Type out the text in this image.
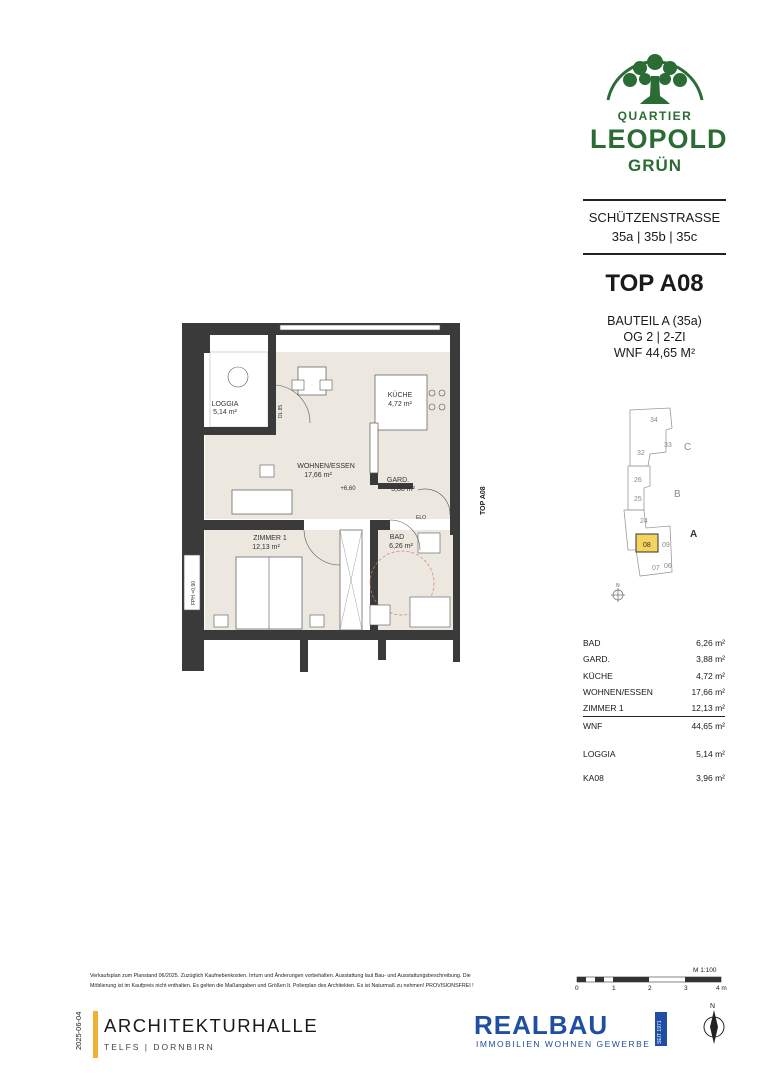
QUARTIER
LEOPOLD
GRÜN
SCHÜTZENSTRASSE
35a | 35b | 35c
TOP A08
BAUTEIL A (35a)
OG 2 | 2-ZI
WNF 44,65 M²
34
33
32
C
26
25	B
24
A
08 09
07 06
N
BAD	6,26 m²
GARD.	3,88 m²
KÜCHE	4,72 m²
WOHNEN/ESSEN	17,66 m²
ZIMMER 1	12,13 m²
WNF	44,65 m²
LOGGIA	5,14 m²
KA08	3,96 m²
LOGGIA
5,14 m²
KÜCHE
4,72 m²
WOHNEN/ESSEN
17,66 m²
GARD.
3,88 m²
ZIMMER 1
12,13 m²
BAD
6,26 m²
+6,60
ELO
DL 85
FPH =0,90
TOP A08
Verkaufsplan zum Planstand 06/2025. Zuzüglich Kaufnebenkosten. Irrtum und Änderungen vorbehalten. Ausstattung laut Bau- und Ausstattungsbeschreibung. Die
Möblierung ist im Kaufpreis nicht enthalten. Es gelten die Maßangaben und Größen lt. Polierplan des Architekten. Es ist Naturmaß zu nehmen! PROVISIONSFREI !
M 1:100
0	1	2	3	4 m
2025-06-04 ARCHITEKTURHALLE
TELFS | DORNBIRN
REALBAU
IMMOBILIEN WOHNEN GEWERBE SEIT 1971
N
